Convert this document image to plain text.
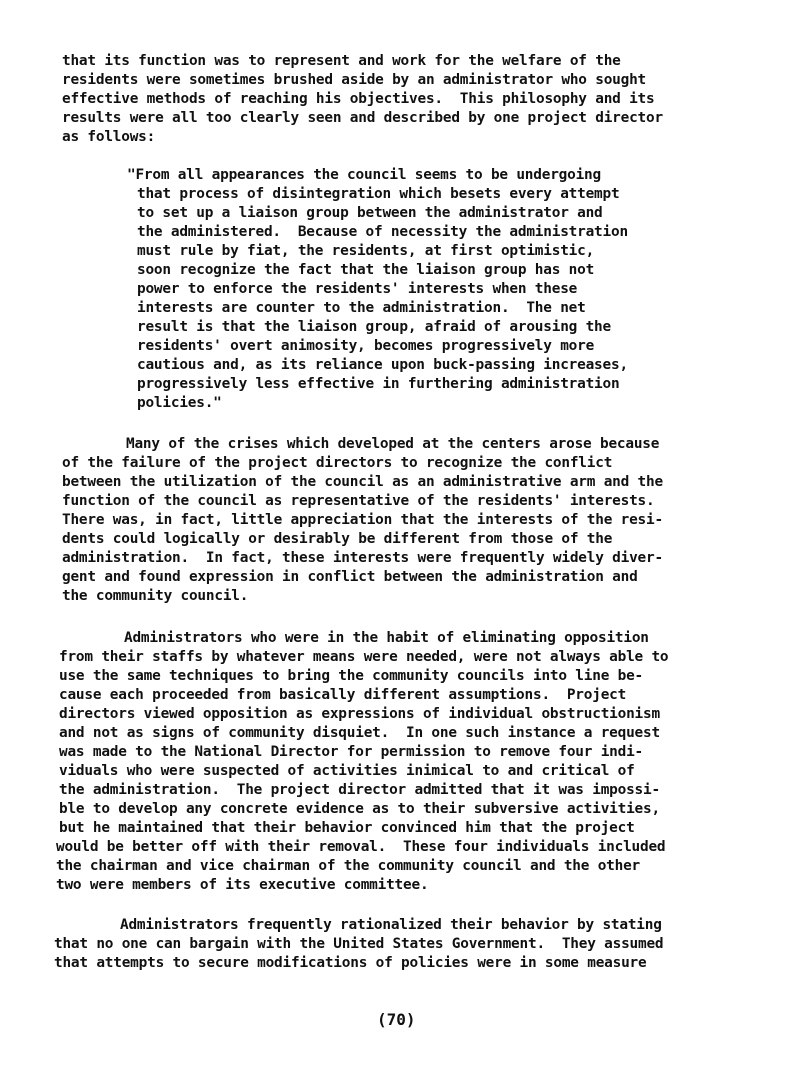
that its function was to represent and work for the welfare of the
residents were sometimes brushed aside by an administrator who sought
effective methods of reaching his objectives.  This philosophy and its
results were all too clearly seen and described by one project director
as follows:
"From all appearances the council seems to be undergoing
that process of disintegration which besets every attempt
to set up a liaison group between the administrator and
the administered.  Because of necessity the administration
must rule by fiat, the residents, at first optimistic,
soon recognize the fact that the liaison group has not
power to enforce the residents' interests when these
interests are counter to the administration.  The net
result is that the liaison group, afraid of arousing the
residents' overt animosity, becomes progressively more
cautious and, as its reliance upon buck-passing increases,
progressively less effective in furthering administration
policies."
Many of the crises which developed at the centers arose because
of the failure of the project directors to recognize the conflict
between the utilization of the council as an administrative arm and the
function of the council as representative of the residents' interests.
There was, in fact, little appreciation that the interests of the resi-
dents could logically or desirably be different from those of the
administration.  In fact, these interests were frequently widely diver-
gent and found expression in conflict between the administration and
the community council.
Administrators who were in the habit of eliminating opposition
from their staffs by whatever means were needed, were not always able to
use the same techniques to bring the community councils into line be-
cause each proceeded from basically different assumptions.  Project
directors viewed opposition as expressions of individual obstructionism
and not as signs of community disquiet.  In one such instance a request
was made to the National Director for permission to remove four indi-
viduals who were suspected of activities inimical to and critical of
the administration.  The project director admitted that it was impossi-
ble to develop any concrete evidence as to their subversive activities,
but he maintained that their behavior convinced him that the project
would be better off with their removal.  These four individuals included
the chairman and vice chairman of the community council and the other
two were members of its executive committee.
Administrators frequently rationalized their behavior by stating
that no one can bargain with the United States Government.  They assumed
that attempts to secure modifications of policies were in some measure
(70)
